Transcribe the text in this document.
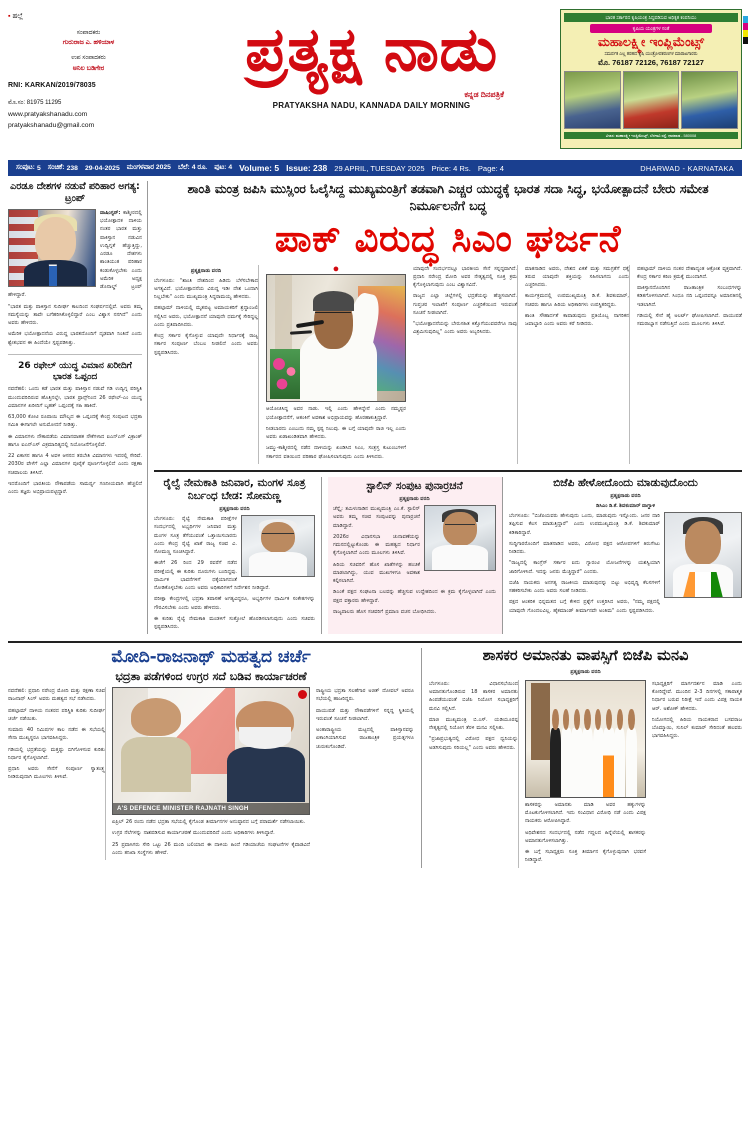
▪ ಹಲ್ಲೆ
ಸಂಪಾದಕರು
ಗುರುರಾಜ ಎ. ಹಳಿಯಾಳ
ಉಪ ಸಂಪಾದಕರು
ಅನಿಲ ಬಡಿಗೇರ
RNI: KARKAN/2019/78035
ಮೊ.ಸಂ: 81975 11295
www.pratyakshanadu.com
pratyakshanadu@gmail.com
ಪ್ರತ್ಯಕ್ಷ ನಾಡು
ಕನ್ನಡ ದಿನಪತ್ರಿಕೆ
PRATYAKSHA NADU, KANNADA DAILY MORNING
ಭಾರತ ಸರ್ಕಾರದ ಕೃಷಿಯಂತ್ರ ಸಿದ್ಧಪಡಿಸುವ ಅಧಿಕೃತ ಕಂಪನಿಯು
ಕೃಷಿಯ ಯಂತ್ರಗಳ ಸಂತೆ
ಮಹಾಲಕ್ಷ್ಮೀ ಇಂಪ್ಲಿಮೆಂಟ್ಸ್
ಸಮರ್ಪಕ ಎಲ್ಲ ತರಹದ ಕೃಷಿ ಯಂತ್ರೋಪಕರಣಗಳ ಮಾರಾಟಗಾರರು
ಮೊ. 76187 72126, 76187 72127
ವಿಳಾಸ: ಮಹಾಲಕ್ಷ್ಮೀ ಇಂಪ್ಲಿಮೆಂಟ್ಸ್, ಬೆಳಗಾವಿ ರಸ್ತೆ, ಧಾರವಾಡ - 580008
ಸಂಪುಟ:
5 ಸಂಚಿಕೆ:
238 29-04-2025 ಮಂಗಳವಾರ 2025 ಬೆಲೆ: 4 ರೂ. ಪುಟ: 4 Volume: 5 Issue: 238 29 APRIL, TUESDAY 2025 Price: 4 Rs. Page: 4	DHARWAD - KARNATAKA
ಎರಡೂ ದೇಶಗಳ ನಡುವೆ ಪರಿಹಾರ ಅಗತ್ಯ: ಟ್ರಂಪ್

ವಾಷಿಂಗ್ಟನ್: ಕಾಶ್ಮೀರದಲ್ಲಿ ಭಯೋತ್ಪಾದಕ ದಾಳಿಯ ನಂತರ ಭಾರತ ಮತ್ತು ಪಾಕಿಸ್ತಾನ ನಡುವಿನ ಉದ್ವಿಗ್ನತೆ ಹೆಚ್ಚುತ್ತಿದ್ದು, ಎರಡೂ ದೇಶಗಳು ಶಾಂತಿಯುತ ಪರಿಹಾರ ಕಂಡುಕೊಳ್ಳಬೇಕು ಎಂದು ಅಮೆರಿಕ ಅಧ್ಯಕ್ಷ ಡೊನಾಲ್ಡ್ ಟ್ರಂಪ್ ಹೇಳಿದ್ದಾರೆ.

"ಭಾರತ ಮತ್ತು ಪಾಕಿಸ್ತಾನ ಸುದೀರ್ಘ ಕಾಲದಿಂದ ಸಂಘರ್ಷದಲ್ಲಿವೆ. ಅವರು ತಮ್ಮ ಸಮಸ್ಯೆಯನ್ನು ತಾವೇ ಬಗೆಹರಿಸಿಕೊಳ್ಳಲಿದ್ದಾರೆ ಎಂಬ ವಿಶ್ವಾಸ ನನಗಿದೆ" ಎಂದು ಅವರು ಹೇಳಿದರು.

ಅಮೆರಿಕ ಭಯೋತ್ಪಾದನೆಯ ವಿರುದ್ಧ ಭಾರತದೊಂದಿಗೆ ದೃಢವಾಗಿ ನಿಂತಿದೆ ಎಂದು ಶ್ವೇತಭವನ ಈ ಹಿಂದೆಯೇ ಸ್ಪಷ್ಟಪಡಿಸಿತ್ತು.

26 ರಫೇಲ್ ಯುದ್ಧ ವಿಮಾನ ಖರೀದಿಗೆ ಭಾರತ ಒಪ್ಪಂದ

ನವದೆಹಲಿ: ಒಂದು ಕಡೆ ಭಾರತ ಮತ್ತು ಪಾಕಿಸ್ತಾನ ನಡುವೆ ಗಡಿ ಉದ್ವಿಗ್ನ ಪರಿಸ್ಥಿತಿ ಮುಂದುವರಿದಿರುವ ಹೊತ್ತಿನಲ್ಲೇ, ಭಾರತ ಫ್ರಾನ್ಸ್‌ನಿಂದ 26 ರಫೇಲ್-ಎಂ ಯುದ್ಧ ವಿಮಾನಗಳ ಖರೀದಿಗೆ ಬೃಹತ್ ಒಪ್ಪಂದಕ್ಕೆ ಸಹಿ ಹಾಕಿದೆ.

63,000 ಕೋಟಿ ರೂಪಾಯಿ ಮೌಲ್ಯದ ಈ ಒಪ್ಪಂದಕ್ಕೆ ಕೇಂದ್ರ ಸಂಪುಟದ ಭದ್ರತಾ ಸಮಿತಿ ಈಗಾಗಲೇ ಅನುಮೋದನೆ ನೀಡಿತ್ತು.

ಈ ವಿಮಾನಗಳು ನೌಕಾಪಡೆಯ ವಿಮಾನವಾಹಕ ನೌಕೆಗಳಾದ ಐಎನ್‌ಎಸ್ ವಿಕ್ರಾಂತ್ ಹಾಗೂ ಐಎನ್‌ಎಸ್ ವಿಕ್ರಮಾದಿತ್ಯದಲ್ಲಿ ನಿಯೋಜನೆಗೊಳ್ಳಲಿವೆ.

22 ಏಕಾಸನ ಹಾಗೂ 4 ಅವಳಿ ಆಸನದ ತರಬೇತಿ ವಿಮಾನಗಳು ಇದರಲ್ಲಿ ಸೇರಿವೆ. 2030ರ ವೇಳೆಗೆ ಎಲ್ಲಾ ವಿಮಾನಗಳ ಪೂರೈಕೆ ಪೂರ್ಣಗೊಳ್ಳಲಿದೆ ಎಂದು ರಕ್ಷಣಾ ಸಚಿವಾಲಯ ತಿಳಿಸಿದೆ.

ಇದರೊಂದಿಗೆ ಭಾರತೀಯ ನೌಕಾಪಡೆಯ ಸಾಮರ್ಥ್ಯ ಗಣನೀಯವಾಗಿ ಹೆಚ್ಚಲಿದೆ ಎಂದು ತಜ್ಞರು ಅಭಿಪ್ರಾಯಪಟ್ಟಿದ್ದಾರೆ.

ಶಾಂತಿ ಮಂತ್ರ ಜಪಿಸಿ ಮುಸ್ಲಿಂರ ಓಲೈಸಿದ್ದ ಮುಖ್ಯಮಂತ್ರಿಗೆ ತಡವಾಗಿ ಎಚ್ಚರ ಯುದ್ಧಕ್ಕೆ ಭಾರತ ಸದಾ ಸಿದ್ಧ, ಭಯೋತ್ಪಾದನೆ ಬೇರು ಸಮೇತ ನಿರ್ಮೂಲನೆಗೆ ಬದ್ಧ
ಪಾಕ್ ವಿರುದ್ಧ ಸಿಎಂ ಘರ್ಜನೆ
ಪ್ರತ್ಯಕ್ಷನಾಡು ವರದಿ

ಬೆಂಗಳೂರು: "ಶಾಂತಿ ದೇಶದಿಂದ ಹಿಡಿದು ಬೆಳೆಸಬೇಕಾದ ಅಗತ್ಯವಿದೆ. ಭಯೋತ್ಪಾದನೆಯ ವಿರುದ್ಧ ಇಡೀ ದೇಶ ಒಂದಾಗಿ ನಿಲ್ಲಬೇಕು" ಎಂದು ಮುಖ್ಯಮಂತ್ರಿ ಸಿದ್ದರಾಮಯ್ಯ ಹೇಳಿದರು.

ಪಹಲ್ಗಾಮ್ ದಾಳಿಯಲ್ಲಿ ಮೃತಪಟ್ಟ ಅಮಾಯಕರಿಗೆ ಶ್ರದ್ಧಾಂಜಲಿ ಸಲ್ಲಿಸಿದ ಅವರು, ಭಯೋತ್ಪಾದನೆ ಯಾವುದೇ ಧರ್ಮಕ್ಕೆ ಸೇರಿದ್ದಲ್ಲ ಎಂದು ಪ್ರತಿಪಾದಿಸಿದರು.

ಕೇಂದ್ರ ಸರ್ಕಾರ ಕೈಗೊಳ್ಳುವ ಯಾವುದೇ ನಿರ್ಧಾರಕ್ಕೆ ರಾಜ್ಯ ಸರ್ಕಾರ ಸಂಪೂರ್ಣ ಬೆಂಬಲ ನೀಡಲಿದೆ ಎಂದು ಅವರು ಸ್ಪಷ್ಟಪಡಿಸಿದರು.

●

ಆಯೋಜಿಸಿದ್ದ ಅವರ ನಾಡು. ಇಲ್ಲಿ ಎಂದು ಹೇಳಿದ್ದೇನೆ ಎಂದು ನಮ್ಮಷ್ಟರ ಭಯೋತ್ಪಾದನೆಗೆ, ಆತಂಕಿಗೆ ಅವಕಾಶ ಅಭಿಪ್ರಾಯವನ್ನು ಹೊರಹಾಕುತ್ತಿದ್ದಾರೆ.

ನೀಡಬಾರದು ಎಂಬುದು ನಮ್ಮ ಸ್ಪಷ್ಟ ನಿಲುವು. ಈ ಬಗ್ಗೆ ಯಾವುದೇ ರಾಜಿ ಇಲ್ಲ ಎಂದು ಅವರು ಖಡಾಖಂಡಿತವಾಗಿ ಹೇಳಿದರು.

ಜಮ್ಮು-ಕಾಶ್ಮೀರದಲ್ಲಿ ನಡೆದ ದಾಳಿಯನ್ನು ಖಂಡಿಸಿದ ಸಿಎಂ, ಸಂತ್ರಸ್ತ ಕುಟುಂಬಗಳಿಗೆ ಸರ್ಕಾರದ ವತಿಯಿಂದ ಪರಿಹಾರ ಘೋಷಿಸಲಾಗುವುದು ಎಂದು ತಿಳಿಸಿದರು.

ಯಾವುದೇ ಸಂದರ್ಭದಲ್ಲೂ ಭಾರತೀಯ ಸೇನೆ ಸನ್ನದ್ಧವಾಗಿದೆ. ಪ್ರಧಾನಿ ನರೇಂದ್ರ ಮೋದಿ ಅವರ ನೇತೃತ್ವದಲ್ಲಿ ಸೂಕ್ತ ಕ್ರಮ ಕೈಗೊಳ್ಳಲಾಗುವುದು ಎಂಬ ವಿಶ್ವಾಸವಿದೆ.

ರಾಜ್ಯದ ಎಲ್ಲಾ ಜಿಲ್ಲೆಗಳಲ್ಲಿ ಭದ್ರತೆಯನ್ನು ಹೆಚ್ಚಿಸಲಾಗಿದೆ. ಗುಪ್ತಚರ ಇಲಾಖೆಗೆ ಸಂಪೂರ್ಣ ಎಚ್ಚರಿಕೆಯಿಂದ ಇರುವಂತೆ ಸೂಚನೆ ನೀಡಲಾಗಿದೆ.

"ಭಯೋತ್ಪಾದನೆಯನ್ನು ಬೇರುಸಹಿತ ಕಿತ್ತೊಗೆಯುವವರೆಗೂ ನಾವು ವಿಶ್ರಮಿಸುವುದಿಲ್ಲ" ಎಂದು ಅವರು ಅಬ್ಬರಿಸಿದರು.

ಮಾತನಾಡಿದ ಅವರು, ದೇಶದ ಏಕತೆ ಮತ್ತು ಸಮಗ್ರತೆಗೆ ಧಕ್ಕೆ ತರುವ ಯಾವುದೇ ಶಕ್ತಿಯನ್ನು ಸಹಿಸಲಾಗದು ಎಂದು ಎಚ್ಚರಿಸಿದರು.

ಕಾರ್ಯಕ್ರಮದಲ್ಲಿ ಉಪಮುಖ್ಯಮಂತ್ರಿ ಡಿ.ಕೆ. ಶಿವಕುಮಾರ್, ಸಚಿವರು ಹಾಗೂ ಹಿರಿಯ ಅಧಿಕಾರಿಗಳು ಉಪಸ್ಥಿತರಿದ್ದರು.

ಶಾಂತಿ ಸೌಹಾರ್ದತೆ ಕಾಪಾಡುವುದು ಪ್ರತಿಯೊಬ್ಬ ನಾಗರಿಕನ ಜವಾಬ್ದಾರಿ ಎಂದು ಅವರು ಕರೆ ನೀಡಿದರು.

ಪಹಲ್ಗಾಮ್ ದಾಳಿಯ ನಂತರ ದೇಶಾದ್ಯಂತ ಆಕ್ರೋಶ ವ್ಯಕ್ತವಾಗಿದೆ. ಕೇಂದ್ರ ಸರ್ಕಾರ ಕಠಿಣ ಕ್ರಮಕ್ಕೆ ಮುಂದಾಗಿದೆ.

ಪಾಕಿಸ್ತಾನದೊಂದಿಗಿನ ರಾಜತಾಂತ್ರಿಕ ಸಂಬಂಧಗಳನ್ನು ಕಡಿತಗೊಳಿಸಲಾಗಿದೆ. ಸಿಂಧೂ ನದಿ ಒಪ್ಪಂದವನ್ನೂ ಅಮಾನತಿನಲ್ಲಿ ಇಡಲಾಗಿದೆ.

ಗಡಿಯಲ್ಲಿ ಸೇನೆ ಹೈ ಅಲರ್ಟ್ ಘೋಷಿಸಲಾಗಿದೆ. ವಾಯುಪಡೆ ಸಮರಾಭ್ಯಾಸ ನಡೆಸುತ್ತಿದೆ ಎಂದು ಮೂಲಗಳು ತಿಳಿಸಿವೆ.

ರೈಲ್ವೆ ನೇಮಕಾತಿ ಜನಿವಾರ, ಮಂಗಳ ಸೂತ್ರ ನಿರ್ಬಂಧ ಬೇಡ: ಸೋಮಣ್ಣ
ಪ್ರತ್ಯಕ್ಷನಾಡು ವರದಿ

ಬೆಂಗಳೂರು: ರೈಲ್ವೆ ನೇಮಕಾತಿ ಪರೀಕ್ಷೆಗಳ ಸಂದರ್ಭದಲ್ಲಿ ಅಭ್ಯರ್ಥಿಗಳ ಜನಿವಾರ ಮತ್ತು ಮಂಗಳ ಸೂತ್ರ ತೆಗೆಯುವಂತೆ ಒತ್ತಾಯಿಸಬಾರದು ಎಂದು ಕೇಂದ್ರ ರೈಲ್ವೆ ಖಾತೆ ರಾಜ್ಯ ಸಚಿವ ವಿ. ಸೋಮಣ್ಣ ಸೂಚಿಸಿದ್ದಾರೆ.

ಈಚೆಗೆ 26 ರಿಂದ 29 ರವರೆಗೆ ನಡೆದ ಪರೀಕ್ಷೆಯಲ್ಲಿ ಈ ಕುರಿತು ದೂರುಗಳು ಬಂದಿದ್ದವು. ಧಾರ್ಮಿಕ ಭಾವನೆಗಳಿಗೆ ಧಕ್ಕೆಯಾಗದಂತೆ ನೋಡಿಕೊಳ್ಳಬೇಕು ಎಂದು ಅವರು ಅಧಿಕಾರಿಗಳಿಗೆ ನಿರ್ದೇಶನ ನೀಡಿದ್ದಾರೆ.

ಪರೀಕ್ಷಾ ಕೇಂದ್ರಗಳಲ್ಲಿ ಭದ್ರತಾ ತಪಾಸಣೆ ಅಗತ್ಯವಿದ್ದರೂ, ಅಭ್ಯರ್ಥಿಗಳ ಧಾರ್ಮಿಕ ಸಂಕೇತಗಳನ್ನು ಗೌರವಿಸಬೇಕು ಎಂದು ಅವರು ಹೇಳಿದರು.

ಈ ಕುರಿತು ರೈಲ್ವೆ ನೇಮಕಾತಿ ಮಂಡಳಿಗೆ ಸುತ್ತೋಲೆ ಹೊರಡಿಸಲಾಗುವುದು ಎಂದು ಸಚಿವರು ಸ್ಪಷ್ಟಪಡಿಸಿದರು.

ಸ್ಟಾಲಿನ್ ಸಂಪುಟ ಪುನಾರ್ರಚನೆ
ಪ್ರತ್ಯಕ್ಷನಾಡು ವರದಿ

ಚೆನ್ನೈ: ತಮಿಳುನಾಡಿನ ಮುಖ್ಯಮಂತ್ರಿ ಎಂ.ಕೆ. ಸ್ಟಾಲಿನ್ ಅವರು ತಮ್ಮ ಸಚಿವ ಸಂಪುಟವನ್ನು ಪುನಾರ್ರಚನೆ ಮಾಡಿದ್ದಾರೆ.

2026ರ ವಿಧಾನಸಭಾ ಚುನಾವಣೆಯನ್ನು ಗಮನದಲ್ಲಿಟ್ಟುಕೊಂಡು ಈ ಮಹತ್ವದ ನಿರ್ಧಾರ ಕೈಗೊಳ್ಳಲಾಗಿದೆ ಎಂದು ಮೂಲಗಳು ತಿಳಿಸಿವೆ.

ಹಿರಿಯ ಸಚಿವರಿಗೆ ಹೊಸ ಖಾತೆಗಳನ್ನು ಹಂಚಿಕೆ ಮಾಡಲಾಗಿದ್ದು, ಯುವ ಮುಖಗಳಿಗೂ ಅವಕಾಶ ಕಲ್ಪಿಸಲಾಗಿದೆ.

ಡಿಎಂಕೆ ಪಕ್ಷದ ಸಂಘಟನಾ ಬಲವನ್ನು ಹೆಚ್ಚಿಸುವ ಉದ್ದೇಶದಿಂದ ಈ ಕ್ರಮ ಕೈಗೊಳ್ಳಲಾಗಿದೆ ಎಂದು ಪಕ್ಷದ ವಕ್ತಾರರು ಹೇಳಿದ್ದಾರೆ.

ರಾಜ್ಯಪಾಲರು ಹೊಸ ಸಚಿವರಿಗೆ ಪ್ರಮಾಣ ವಚನ ಬೋಧಿಸಿದರು.

ಬಿಜೆಪಿ ಹೇಳೋದೊಂದು ಮಾಡುವುದೊಂದು
ಪ್ರತ್ಯಕ್ಷನಾಡು ವರದಿ
ಡಿಸಿಎಂ ಡಿ.ಕೆ. ಶಿವಕುಮಾರ್ ವಾಗ್ದಾಳಿ

ಬೆಂಗಳೂರು: "ಬಿಜೆಪಿಯವರು ಹೇಳುವುದು ಒಂದು, ಮಾಡುವುದು ಇನ್ನೊಂದು. ಜನರ ದಾರಿ ತಪ್ಪಿಸುವ ಕೆಲಸ ಮಾಡುತ್ತಿದ್ದಾರೆ" ಎಂದು ಉಪಮುಖ್ಯಮಂತ್ರಿ ಡಿ.ಕೆ. ಶಿವಕುಮಾರ್ ಕಿಡಿಕಾರಿದ್ದಾರೆ.

ಸುದ್ದಿಗಾರರೊಂದಿಗೆ ಮಾತನಾಡಿದ ಅವರು, ವಿರೋಧ ಪಕ್ಷದ ಆರೋಪಗಳಿಗೆ ತಿರುಗೇಟು ನೀಡಿದರು.

"ರಾಜ್ಯದಲ್ಲಿ ಕಾಂಗ್ರೆಸ್ ಸರ್ಕಾರ ಐದು ಗ್ಯಾರಂಟಿ ಯೋಜನೆಗಳನ್ನು ಯಶಸ್ವಿಯಾಗಿ ಜಾರಿಗೊಳಿಸಿದೆ. ಇದನ್ನು ಜನರು ಮೆಚ್ಚಿದ್ದಾರೆ" ಎಂದರು.

ಬಿಜೆಪಿ ನಾಯಕರು ಅನಗತ್ಯ ರಾಜಕೀಯ ಮಾಡುವುದನ್ನು ಬಿಟ್ಟು ಅಭಿವೃದ್ಧಿ ಕೆಲಸಗಳಿಗೆ ಸಹಕರಿಸಬೇಕು ಎಂದು ಅವರು ಸಲಹೆ ನೀಡಿದರು.

ಪಕ್ಷದ ಆಂತರಿಕ ಭಿನ್ನಮತದ ಬಗ್ಗೆ ಕೇಳಿದ ಪ್ರಶ್ನೆಗೆ ಉತ್ತರಿಸಿದ ಅವರು, "ನಮ್ಮ ಪಕ್ಷದಲ್ಲಿ ಯಾವುದೇ ಗೊಂದಲವಿಲ್ಲ. ಹೈಕಮಾಂಡ್ ತೀರ್ಮಾನವೇ ಅಂತಿಮ" ಎಂದು ಸ್ಪಷ್ಟಪಡಿಸಿದರು.

ಮೋದಿ-ರಾಜನಾಥ್ ಮಹತ್ವದ ಚರ್ಚೆ
ಭದ್ರತಾ ಪಡೆಗಳಿಂದ ಉಗ್ರರ ಸದೆ ಬಡಿವ ಕಾರ್ಯಾಚರಣೆ

ನವದೆಹಲಿ: ಪ್ರಧಾನಿ ನರೇಂದ್ರ ಮೋದಿ ಮತ್ತು ರಕ್ಷಣಾ ಸಚಿವ ರಾಜನಾಥ್ ಸಿಂಗ್ ಅವರು ಮಹತ್ವದ ಸಭೆ ನಡೆಸಿದರು.

ಪಹಲ್ಗಾಮ್ ದಾಳಿಯ ನಂತರದ ಪರಿಸ್ಥಿತಿ ಕುರಿತು ಸುದೀರ್ಘ ಚರ್ಚೆ ನಡೆಯಿತು.

ಸುಮಾರು 40 ನಿಮಿಷಗಳ ಕಾಲ ನಡೆದ ಈ ಸಭೆಯಲ್ಲಿ ಸೇನಾ ಮುಖ್ಯಸ್ಥರೂ ಭಾಗವಹಿಸಿದ್ದರು.

ಗಡಿಯಲ್ಲಿ ಭದ್ರತೆಯನ್ನು ಮತ್ತಷ್ಟು ಬಿಗಿಗೊಳಿಸುವ ಕುರಿತು ನಿರ್ಧಾರ ಕೈಗೊಳ್ಳಲಾಗಿದೆ.

ಪ್ರಧಾನಿ ಅವರು ಸೇನೆಗೆ ಸಂಪೂರ್ಣ ಸ್ವಾತಂತ್ರ್ಯ ನೀಡಿರುವುದಾಗಿ ಮೂಲಗಳು ತಿಳಿಸಿವೆ.

A'S DEFENCE MINISTER RAJNATH SINGH

ಏಪ್ರಿಲ್ 26 ರಂದು ನಡೆದ ಭದ್ರತಾ ಸಭೆಯಲ್ಲಿ ಕೈಗೊಂಡ ತೀರ್ಮಾನಗಳ ಅನುಷ್ಠಾನದ ಬಗ್ಗೆ ಪರಾಮರ್ಶೆ ನಡೆಸಲಾಯಿತು.

ಉಗ್ರರ ನೆಲೆಗಳನ್ನು ನಾಶಪಡಿಸುವ ಕಾರ್ಯಾಚರಣೆ ಮುಂದುವರಿದಿದೆ ಎಂದು ಅಧಿಕಾರಿಗಳು ತಿಳಿಸಿದ್ದಾರೆ.

25 ಪ್ರವಾಸಿಗರು ಸೇರಿ ಒಟ್ಟು 26 ಮಂದಿ ಬಲಿಯಾದ ಈ ದಾಳಿಯ ಹಿಂದೆ ಗಡಿಯಾಚೆಯ ಸಂಘಟನೆಗಳ ಕೈವಾಡವಿದೆ ಎಂದು ತನಿಖಾ ಸಂಸ್ಥೆಗಳು ಹೇಳಿವೆ.

ರಾಷ್ಟ್ರೀಯ ಭದ್ರತಾ ಸಲಹೆಗಾರ ಅಜಿತ್ ದೋವಲ್ ಅವರೂ ಸಭೆಯಲ್ಲಿ ಹಾಜರಿದ್ದರು.

ವಾಯುಪಡೆ ಮತ್ತು ನೌಕಾಪಡೆಗಳಿಗೆ ಸನ್ನದ್ಧ ಸ್ಥಿತಿಯಲ್ಲಿ ಇರುವಂತೆ ಸೂಚನೆ ನೀಡಲಾಗಿದೆ.

ಅಂತಾರಾಷ್ಟ್ರೀಯ ಮಟ್ಟದಲ್ಲಿ ಪಾಕಿಸ್ತಾನವನ್ನು ಏಕಾಂಗಿಯಾಗಿಸುವ ರಾಜತಾಂತ್ರಿಕ ಪ್ರಯತ್ನಗಳೂ ಚುರುಕುಗೊಂಡಿವೆ.

ಶಾಸಕರ ಅಮಾನತು ವಾಪಸ್ಸಿಗೆ ಬಿಜೆಪಿ ಮನವಿ
ಪ್ರತ್ಯಕ್ಷನಾಡು ವರದಿ

ಬೆಂಗಳೂರು: ವಿಧಾನಸಭೆಯಿಂದ ಅಮಾನತುಗೊಂಡಿರುವ 18 ಶಾಸಕರ ಅಮಾನತು ಹಿಂಪಡೆಯುವಂತೆ ಬಿಜೆಪಿ ನಿಯೋಗ ಸಭಾಧ್ಯಕ್ಷರಿಗೆ ಮನವಿ ಸಲ್ಲಿಸಿದೆ.

ಮಾಜಿ ಮುಖ್ಯಮಂತ್ರಿ ಬಿ.ಎಸ್. ಯಡಿಯೂರಪ್ಪ ನೇತೃತ್ವದಲ್ಲಿ ನಿಯೋಗ ತೆರಳಿ ಮನವಿ ಸಲ್ಲಿಸಿತು.

"ಪ್ರಜಾಪ್ರಭುತ್ವದಲ್ಲಿ ವಿರೋಧ ಪಕ್ಷದ ಧ್ವನಿಯನ್ನು ಅಡಗಿಸುವುದು ಸರಿಯಲ್ಲ" ಎಂದು ಅವರು ಹೇಳಿದರು.

ಶಾಸಕರನ್ನು ಅಮಾನತು ಮಾಡಿ ಅವರ ಹಕ್ಕುಗಳನ್ನು ಮೊಟಕುಗೊಳಿಸಲಾಗಿದೆ. ಇದು ಸಂವಿಧಾನ ವಿರೋಧಿ ನಡೆ ಎಂದು ವಿಪಕ್ಷ ನಾಯಕರು ಆರೋಪಿಸಿದ್ದಾರೆ.

ಅಧಿವೇಶನದ ಸಂದರ್ಭದಲ್ಲಿ ನಡೆದ ಗದ್ದಲದ ಹಿನ್ನೆಲೆಯಲ್ಲಿ ಶಾಸಕರನ್ನು ಅಮಾನತುಗೊಳಿಸಲಾಗಿತ್ತು.

ಈ ಬಗ್ಗೆ ಸಭಾಧ್ಯಕ್ಷರು ಸೂಕ್ತ ತೀರ್ಮಾನ ಕೈಗೊಳ್ಳುವುದಾಗಿ ಭರವಸೆ ನೀಡಿದ್ದಾರೆ.

ಸಭಾಧ್ಯಕ್ಷರಿಗೆ ಮಾರ್ಗದರ್ಶನ ಮಾಡಿ ಎಂದು ಕೋರಿದ್ದೇವೆ. ಮುಂದಿನ 2-3 ದಿನಗಳಲ್ಲಿ ಸಕಾರಾತ್ಮಕ ನಿರ್ಧಾರ ಬರುವ ನಿರೀಕ್ಷೆ ಇದೆ ಎಂದು ವಿಪಕ್ಷ ನಾಯಕ ಆರ್. ಅಶೋಕ್ ಹೇಳಿದರು.

ನಿಯೋಗದಲ್ಲಿ ಹಿರಿಯ ನಾಯಕರಾದ ಬಸವರಾಜ ಬೊಮ್ಮಾಯಿ, ಸುನಿಲ್ ಕುಮಾರ್ ಸೇರಿದಂತೆ ಹಲವರು ಭಾಗವಹಿಸಿದ್ದರು.
